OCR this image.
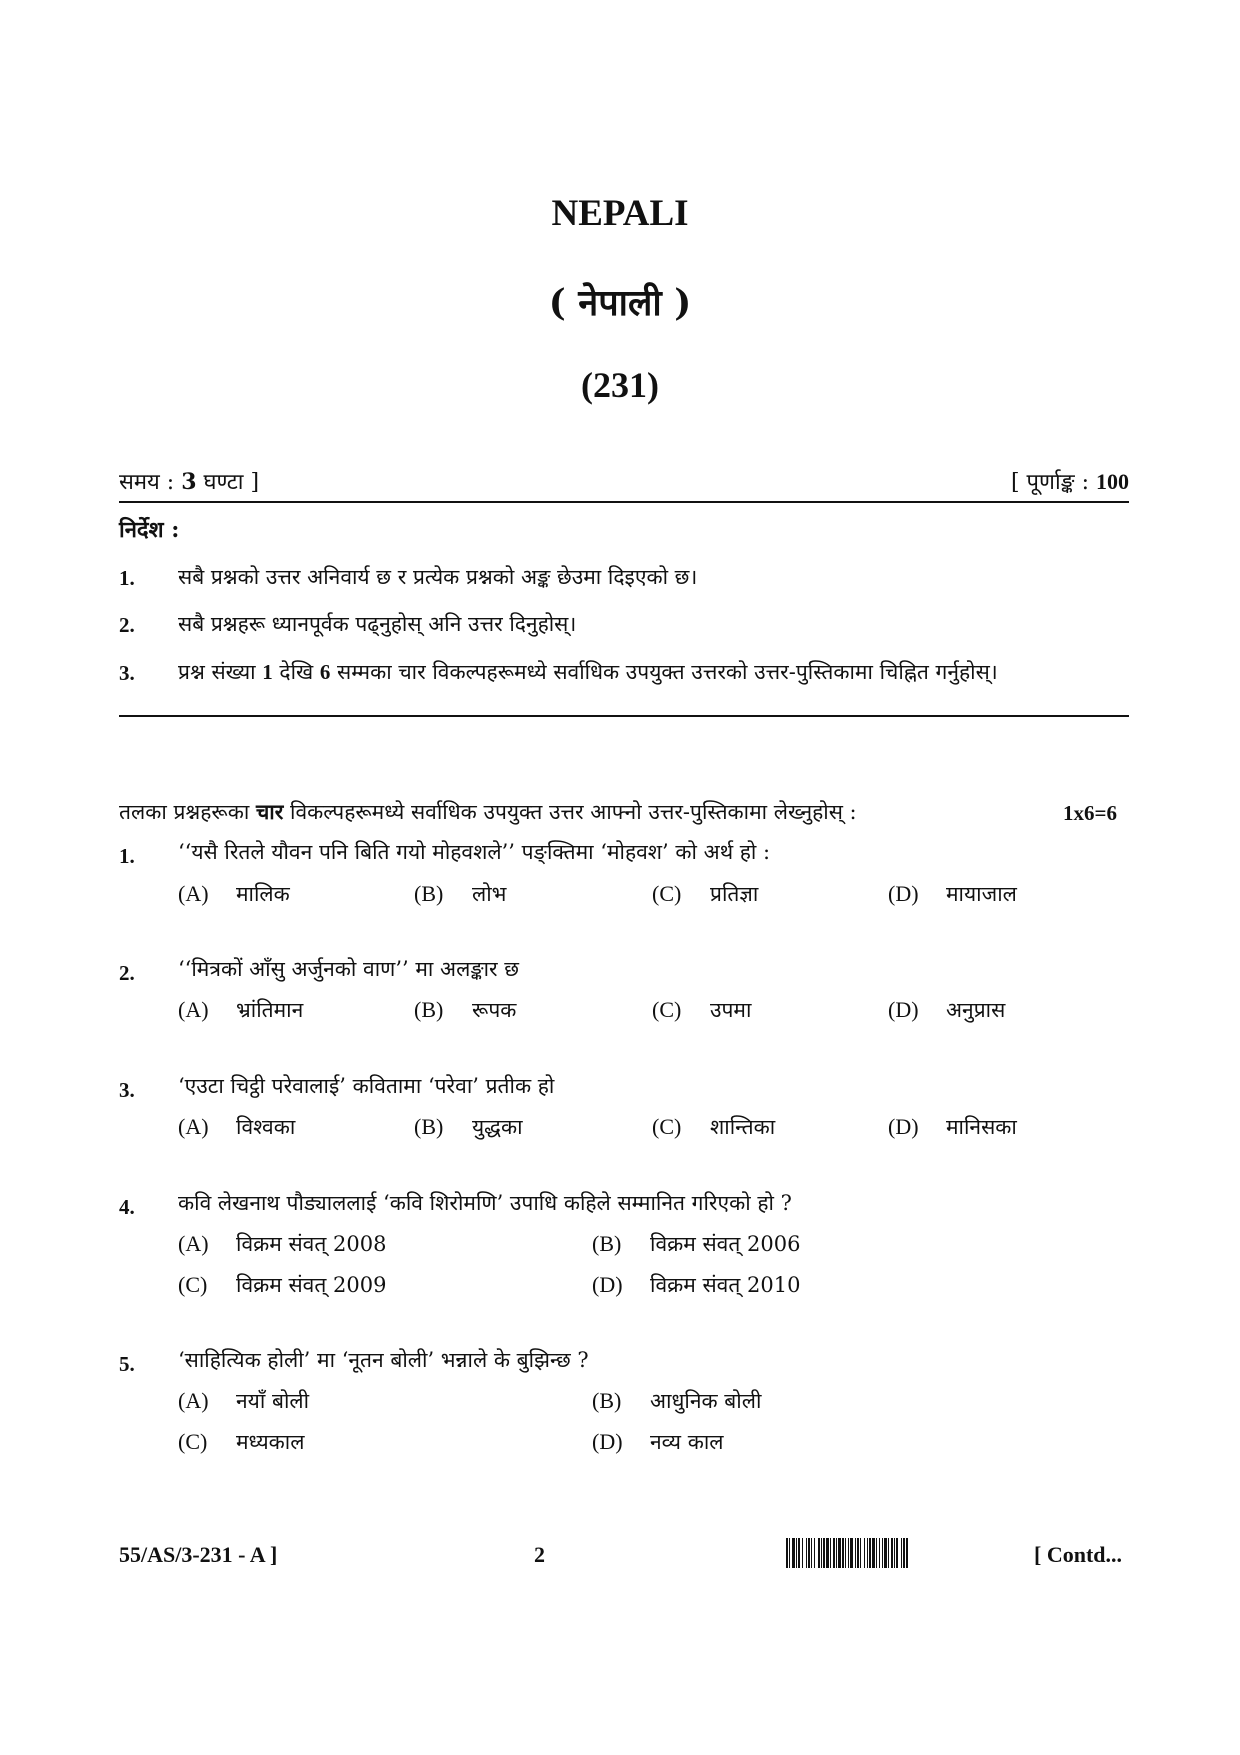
NEPALI
( नेपाली )
(231)
समय : 3 घण्टा ]	[ पूर्णाङ्क : 100
निर्देश :
1. सबै प्रश्नको उत्तर अनिवार्य छ र प्रत्येक प्रश्नको अङ्क छेउमा दिइएको छ।
2. सबै प्रश्नहरू ध्यानपूर्वक पढ्नुहोस् अनि उत्तर दिनुहोस्।
3. प्रश्न संख्या 1 देखि 6 सम्मका चार विकल्पहरूमध्ये सर्वाधिक उपयुक्त उत्तरको उत्तर-पुस्तिकामा चिह्नित गर्नुहोस्।
तलका प्रश्नहरूका चार विकल्पहरूमध्ये सर्वाधिक उपयुक्त उत्तर आफ्नो उत्तर-पुस्तिकामा लेख्नुहोस् :	1x6=6
1. ‘‘यसै रितले यौवन पनि बिति गयो मोहवशले’’ पङ्क्तिमा ‘मोहवश’ को अर्थ हो :
(A) मालिक	(B) लोभ	(C) प्रतिज्ञा	(D) मायाजाल
2. ‘‘मित्रकों आँसु अर्जुनको वाण’’ मा अलङ्कार छ
(A) भ्रांतिमान	(B) रूपक	(C) उपमा	(D) अनुप्रास
3. ‘एउटा चिट्ठी परेवालाई’ कवितामा ‘परेवा’ प्रतीक हो
(A) विश्वका	(B) युद्धका	(C) शान्तिका	(D) मानिसका
4. कवि लेखनाथ पौड्याललाई ‘कवि शिरोमणि’ उपाधि कहिले सम्मानित गरिएको हो ?
(A) विक्रम संवत् 2008	(B) विक्रम संवत् 2006
(C) विक्रम संवत् 2009	(D) विक्रम संवत् 2010
5. ‘साहित्यिक होली’ मा ‘नूतन बोली’ भन्नाले के बुझिन्छ ?
(A) नयाँ बोली	(B) आधुनिक बोली
(C) मध्यकाल	(D) नव्य काल
55/AS/3-231 - A ]	2	[ Contd...
